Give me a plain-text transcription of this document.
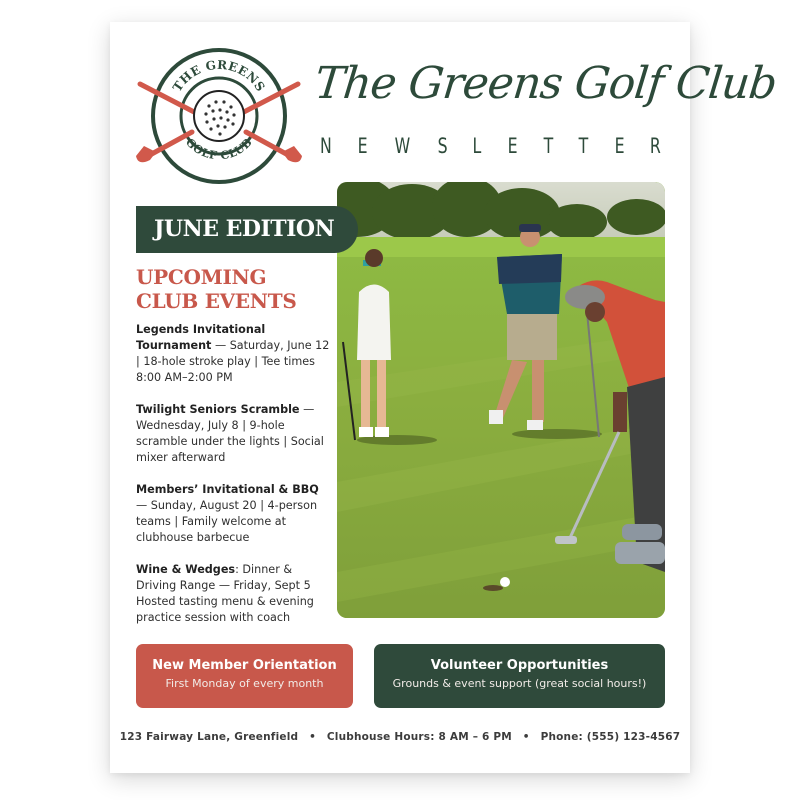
THE GREENS
GOLF CLUB
The Greens Golf Club
N E W S L E T T E R
JUNE EDITION
UPCOMING
CLUB EVENTS
Legends Invitational Tournament — Saturday, June 12 | 18-hole stroke play | Tee times 8:00 AM–2:00 PM
Twilight Seniors Scramble — Wednesday, July 8 | 9-hole scramble under the lights | Social mixer afterward
Members’ Invitational & BBQ — Sunday, August 20 | 4-person teams | Family welcome at clubhouse barbecue
Wine & Wedges: Dinner & Driving Range — Friday, Sept 5 Hosted tasting menu & evening practice session with coach
New Member Orientation
First Monday of every month
Volunteer Opportunities
Grounds & event support (great social hours!)
123 Fairway Lane, Greenfield • Clubhouse Hours: 8 AM – 6 PM • Phone: (555) 123-4567
